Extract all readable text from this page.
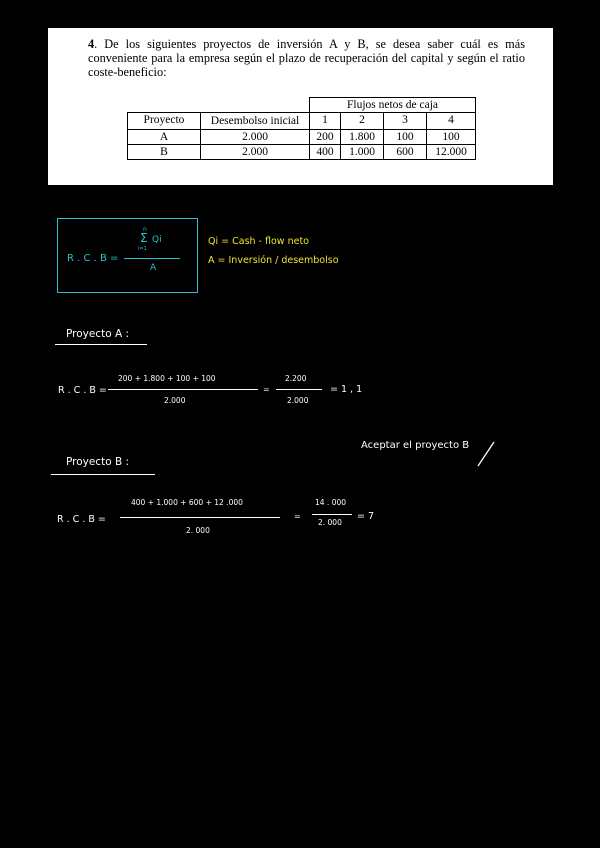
4. De los siguientes proyectos de inversión A y B, se desea saber cuál es más conveniente para la empresa según el plazo de recuperación del capital y según el ratio coste-beneficio:
		Flujos netos de caja			
Proyecto	Desembolso inicial	1	2	3	4
A	2.000	200	1.800	100	100
B	2.000	400	1.000	600	12.000
R . C . B =
n
Σ Qi
i=1
A
Qi = Cash - flow neto
A = Inversión / desembolso
Proyecto A :
R . C . B =
200 + 1.800 + 100 + 100
2.000
=
2.200
2.000
= 1 , 1
Aceptar el proyecto B
Proyecto B :
R . C . B =
400 + 1.000 + 600 + 12 .000
2. 000
=
14 . 000
2. 000
= 7
